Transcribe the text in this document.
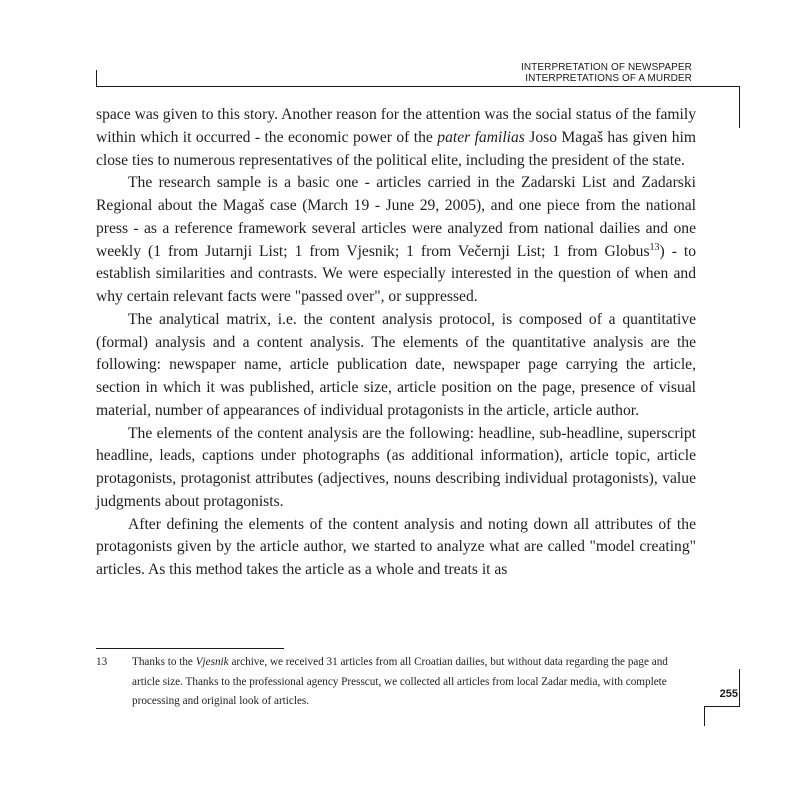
INTERPRETATION OF NEWSPAPER
INTERPRETATIONS OF A MURDER

space was given to this story. Another reason for the attention was the social status of the family within which it occurred - the economic power of the pater familias Joso Magaš has given him close ties to numerous representatives of the political elite, including the president of the state.

The research sample is a basic one - articles carried in the Zadarski List and Zadarski Regional about the Magaš case (March 19 - June 29, 2005), and one piece from the national press - as a reference framework several articles were analyzed from national dailies and one weekly (1 from Jutarnji List; 1 from Vjesnik; 1 from Večernji List; 1 from Globus$^{13}$) - to establish similarities and contrasts. We were especially interested in the question of when and why certain relevant facts were "passed over", or suppressed.

The analytical matrix, i.e. the content analysis protocol, is composed of a quantitative (formal) analysis and a content analysis. The elements of the quantitative analysis are the following: newspaper name, article publication date, newspaper page carrying the article, section in which it was published, article size, article position on the page, presence of visual material, number of appearances of individual protagonists in the article, article author.

The elements of the content analysis are the following: headline, sub-headline, superscript headline, leads, captions under photographs (as additional information), article topic, article protagonists, protagonist attributes (adjectives, nouns describing individual protagonists), value judgments about protagonists.

After defining the elements of the content analysis and noting down all attributes of the protagonists given by the article author, we started to analyze what are called "model creating" articles. As this method takes the article as a whole and treats it as

13	Thanks to the Vjesnik archive, we received 31 articles from all Croatian dailies, but without data regarding the page and article size. Thanks to the professional agency Presscut, we collected all articles from local Zadar media, with complete processing and original look of articles.
255
